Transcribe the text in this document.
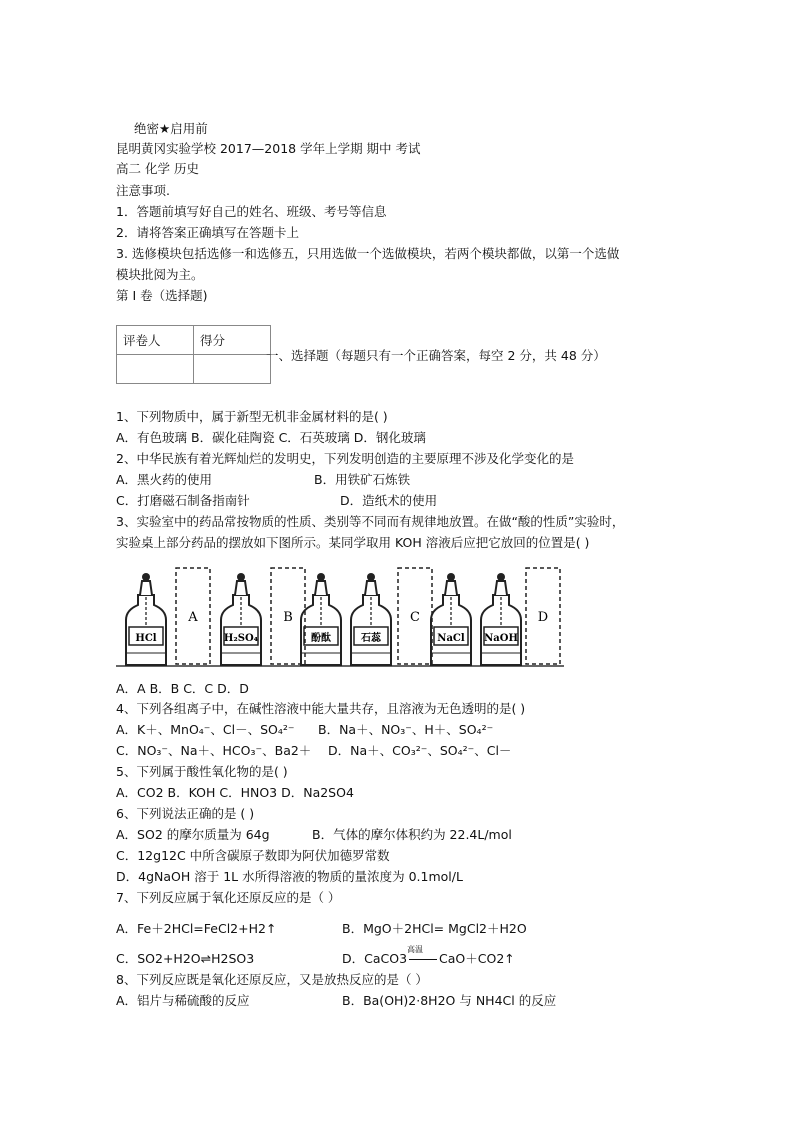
绝密★启用前
昆明黄冈实验学校 2017—2018 学年上学期 期中 考试
高二 化学 历史
注意事项.
1．答题前填写好自己的姓名、班级、考号等信息
2．请将答案正确填写在答题卡上
3. 选修模块包括选修一和选修五，只用选做一个选做模块，若两个模块都做，以第一个选做
模块批阅为主。
第 I 卷（选择题)
评卷人	得分

一、选择题（每题只有一个正确答案，每空 2 分，共 48 分）
1、下列物质中，属于新型无机非金属材料的是( )
A．有色玻璃 B．碳化硅陶瓷 C．石英玻璃 D．钢化玻璃
2、中华民族有着光辉灿烂的发明史，下列发明创造的主要原理不涉及化学变化的是
A．黑火药的使用	B．用铁矿石炼铁
C．打磨磁石制备指南针	D．造纸术的使用
3、实验室中的药品常按物质的性质、类别等不同而有规律地放置。在做“酸的性质”实验时，
实验桌上部分药品的摆放如下图所示。某同学取用 KOH 溶液后应把它放回的位置是( )
HCl	H₂SO₄	酚酞	石蕊	NaCl NaOH
A	B	C	D
A．A B．B C．C D．D
4、下列各组离子中，在碱性溶液中能大量共存，且溶液为无色透明的是( )
A．K＋、MnO₄⁻、Cl－、SO₄²⁻ B．Na＋、NO₃⁻、H＋、SO₄²⁻
C．NO₃⁻、Na＋、HCO₃⁻、Ba2＋ D．Na＋、CO₃²⁻、SO₄²⁻、Cl－
5、下列属于酸性氧化物的是( )
A．CO2 B．KOH C．HNO3 D．Na2SO4
6、下列说法正确的是 ( )
A．SO2 的摩尔质量为 64g	B．气体的摩尔体积约为 22.4L/mol
C．12g12C 中所含碳原子数即为阿伏加德罗常数
D．4gNaOH 溶于 1L 水所得溶液的物质的量浓度为 0.1mol/L
7、下列反应属于氧化还原反应的是（ ）
A．Fe＋2HCl=FeCl2+H2↑	B．MgO＋2HCl= MgCl2＋H2O
C．SO2+H2O⇌H2SO3	D．CaCO3
高温
CaO＋CO2↑
8、下列反应既是氧化还原反应，又是放热反应的是（ ）
A．铝片与稀硫酸的反应	B．Ba(OH)2·8H2O 与 NH4Cl 的反应
